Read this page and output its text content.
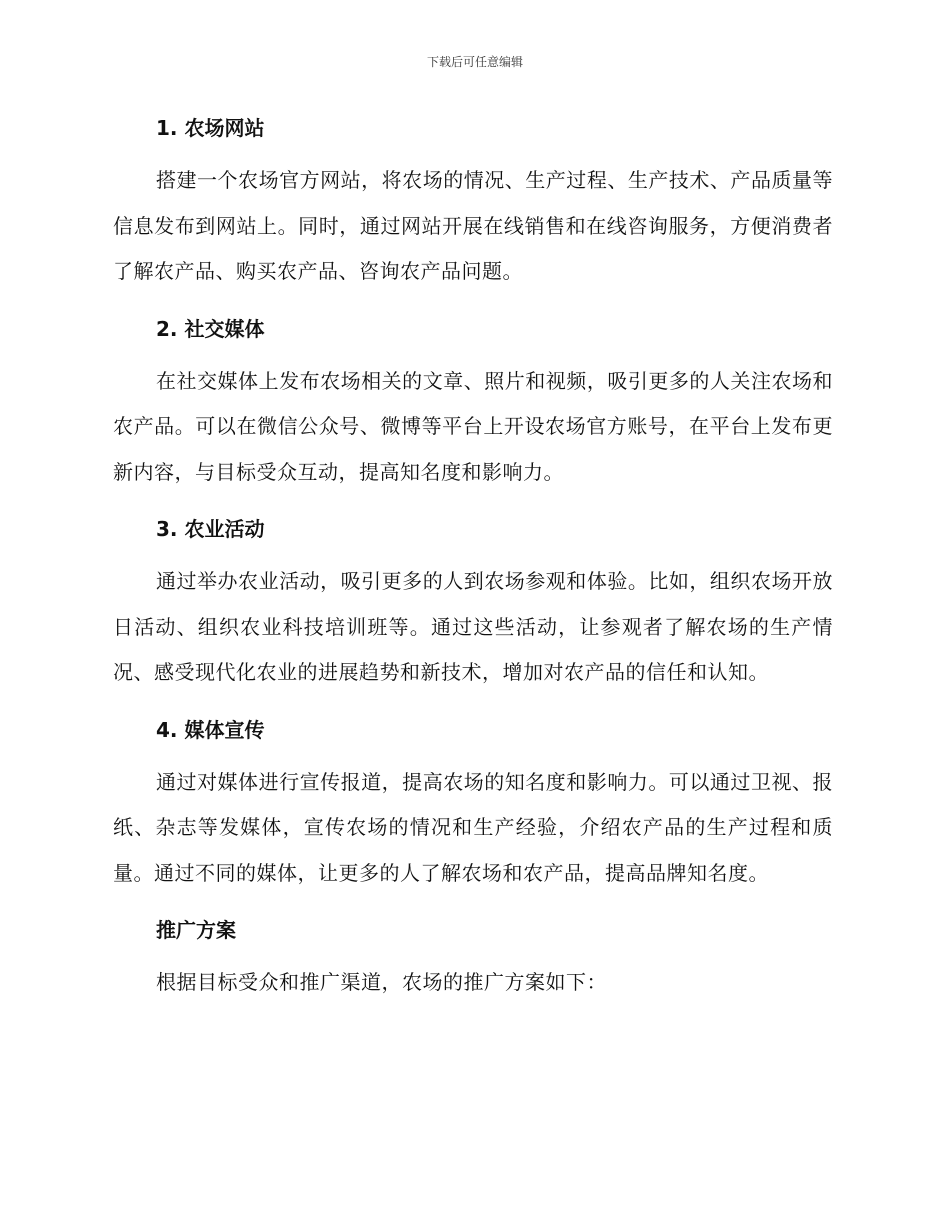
下载后可任意编辑
1. 农场网站

搭建一个农场官方网站，将农场的情况、生产过程、生产技术、产品质量等信息发布到网站上。同时，通过网站开展在线销售和在线咨询服务，方便消费者了解农产品、购买农产品、咨询农产品问题。

2. 社交媒体

在社交媒体上发布农场相关的文章、照片和视频，吸引更多的人关注农场和农产品。可以在微信公众号、微博等平台上开设农场官方账号，在平台上发布更新内容，与目标受众互动，提高知名度和影响力。

3. 农业活动

通过举办农业活动，吸引更多的人到农场参观和体验。比如，组织农场开放日活动、组织农业科技培训班等。通过这些活动，让参观者了解农场的生产情况、感受现代化农业的进展趋势和新技术，增加对农产品的信任和认知。

4. 媒体宣传

通过对媒体进行宣传报道，提高农场的知名度和影响力。可以通过卫视、报纸、杂志等发媒体，宣传农场的情况和生产经验，介绍农产品的生产过程和质量。通过不同的媒体，让更多的人了解农场和农产品，提高品牌知名度。

推广方案

根据目标受众和推广渠道，农场的推广方案如下：
